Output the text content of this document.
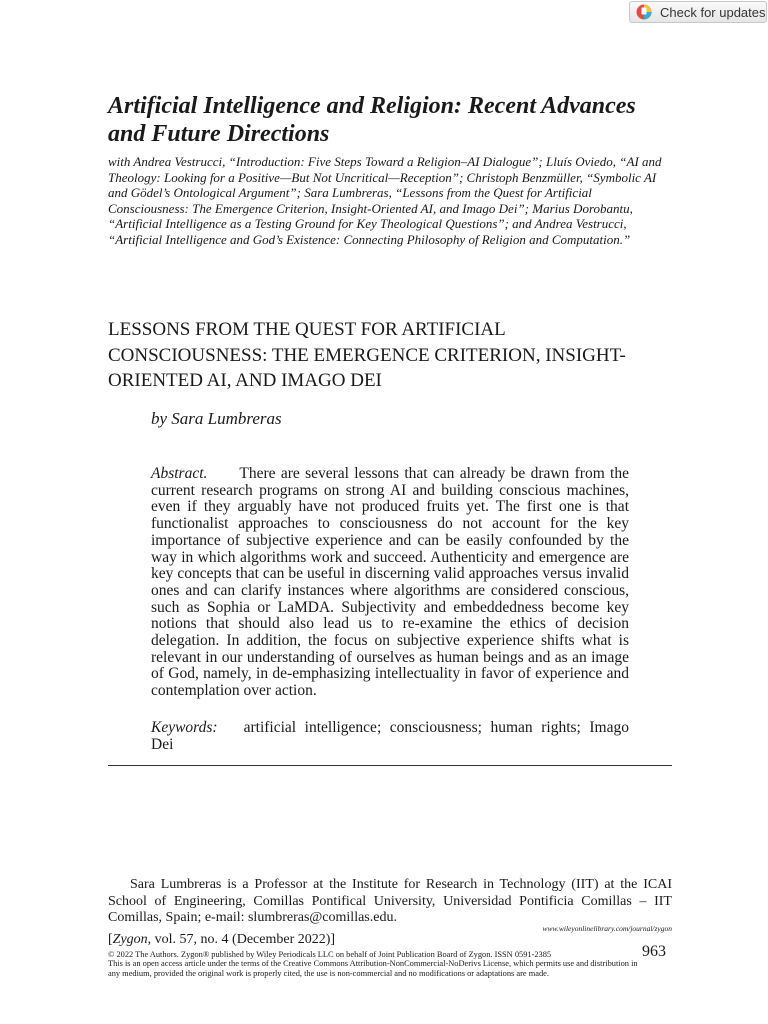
Check for updates
Artificial Intelligence and Religion: Recent Advances and Future Directions

with Andrea Vestrucci, “Introduction: Five Steps Toward a Religion–AI Dialogue”; Lluís Oviedo, “AI and Theology: Looking for a Positive—But Not Uncritical—Reception”; Christoph Benzmüller, “Symbolic AI and Gödel’s Ontological Argument”; Sara Lumbreras, “Lessons from the Quest for Artificial Consciousness: The Emergence Criterion, Insight-Oriented AI, and Imago Dei”; Marius Dorobantu, “Artificial Intelligence as a Testing Ground for Key Theological Questions”; and Andrea Vestrucci, “Artificial Intelligence and God’s Existence: Connecting Philosophy of Religion and Computation.”

LESSONS FROM THE QUEST FOR ARTIFICIAL CONSCIOUSNESS: THE EMERGENCE CRITERION, INSIGHT-ORIENTED AI, AND IMAGO DEI

by Sara Lumbreras

Abstract. There are several lessons that can already be drawn from the current research programs on strong AI and building conscious machines, even if they arguably have not produced fruits yet. The first one is that functionalist approaches to consciousness do not account for the key importance of subjective experience and can be easily confounded by the way in which algorithms work and succeed. Authenticity and emergence are key concepts that can be useful in discerning valid approaches versus invalid ones and can clarify instances where algorithms are considered conscious, such as Sophia or LaMDA. Subjectivity and embeddedness become key notions that should also lead us to re-examine the ethics of decision delegation. In addition, the focus on subjective experience shifts what is relevant in our understanding of ourselves as human beings and as an image of God, namely, in de-emphasizing intellectuality in favor of experience and contemplation over action.

Keywords: artificial intelligence; consciousness; human rights; Imago Dei

Sara Lumbreras is a Professor at the Institute for Research in Technology (IIT) at the ICAI School of Engineering, Comillas Pontifical University, Universidad Pontificia Comillas – IIT Comillas, Spain; e-mail: slumbreras@comillas.edu.

www.wileyonlinelibrary.com/journal/zygon
[Zygon, vol. 57, no. 4 (December 2022)]
963

© 2022 The Authors. Zygon® published by Wiley Periodicals LLC on behalf of Joint Publication Board of Zygon. ISSN 0591-2385
This is an open access article under the terms of the Creative Commons Attribution-NonCommercial-NoDerivs License, which permits use and distribution in any medium, provided the original work is properly cited, the use is non-commercial and no modifications or adaptations are made.
